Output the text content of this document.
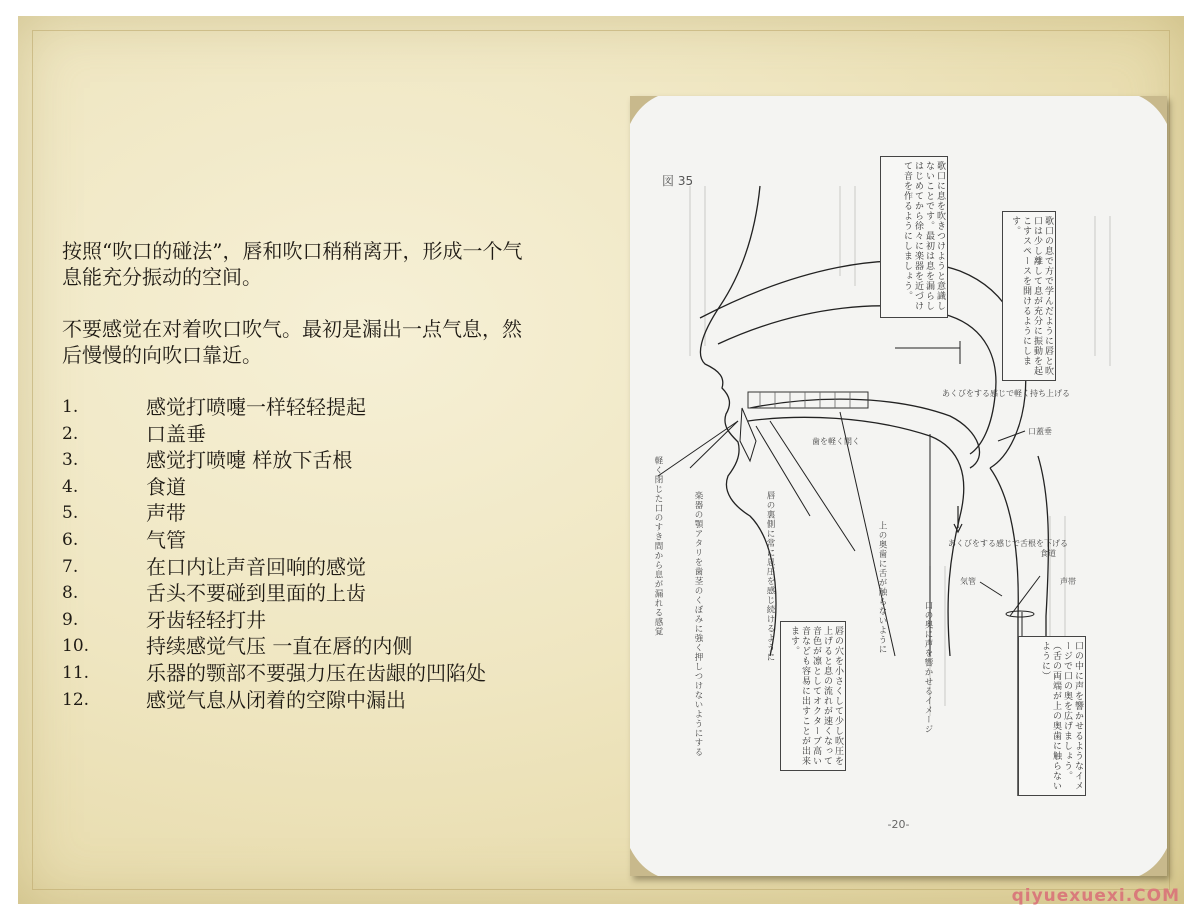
按照“吹口的碰法”，唇和吹口稍稍离开，形成一个气息能充分振动的空间。

不要感觉在对着吹口吹气。最初是漏出一点气息，然后慢慢的向吹口靠近。

1.	感觉打喷嚏一样轻轻提起
2.	口盖垂
3.	感觉打喷嚏 样放下舌根
4.	食道
5.	声带
6.	气管
7.	在口内让声音回响的感觉
8.	舌头不要碰到里面的上齿
9.	牙齿轻轻打井
10.	持续感觉气压 一直在唇的内侧
11.	乐器的颚部不要强力压在齿龈的凹陷处
12.	感觉气息从闭着的空隙中漏出
図 35
-20-
歌口に息を吹きつけようと意識しないことです。最初は息を漏らしはじめてから徐々に楽器を近づけて音を作るようにしましょう。	歌口の息で方で学んだように唇と吹口は少し離して息が充分に振動を起こすスペースを開けるようにします。
唇の穴を小さくして少し吹圧を上げると息の流れが速くなって音色が凛としてオクターブ高い音なども容易に出すことが出来ます。	口の中に声を響かせるようなイメージで口の奥を広げましょう。（舌の両端が上の奥歯に触らないように）
あくびをする感じで軽く持ち上げる
あくびをする感じで舌根を下げる
口蓋垂
食道
声帯
気管
歯を軽く開く
上の奥歯に舌が触らないように
唇の裏側に常に息圧を感じ続けるように
口の奥に声を響かせるイメージ
楽器の顎アタリを歯茎のくぼみに強く押しつけないようにする
軽く閉じた口のすき間から息が漏れる感覚
qiyuexuexi.COM
